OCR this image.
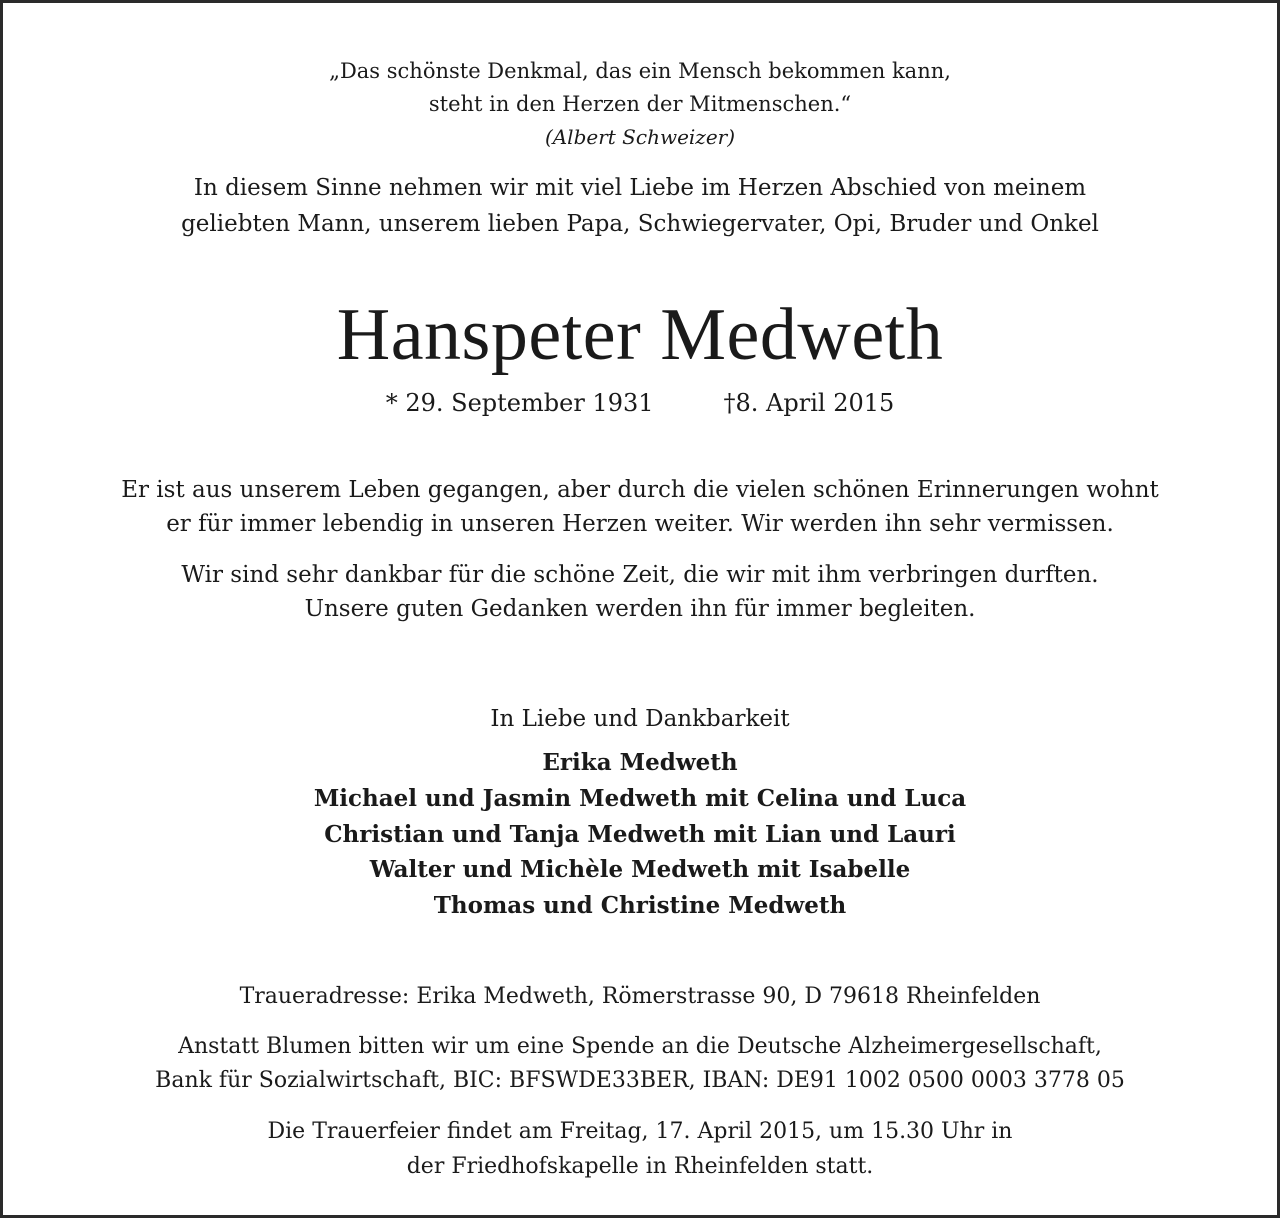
„Das schönste Denkmal, das ein Mensch bekommen kann,
steht in den Herzen der Mitmenschen.“
(Albert Schweizer)
In diesem Sinne nehmen wir mit viel Liebe im Herzen Abschied von meinem
geliebten Mann, unserem lieben Papa, Schwiegervater, Opi, Bruder und Onkel
Hanspeter Medweth
* 29. September 1931	†8. April 2015
Er ist aus unserem Leben gegangen, aber durch die vielen schönen Erinnerungen wohnt
er für immer lebendig in unseren Herzen weiter. Wir werden ihn sehr vermissen.
Wir sind sehr dankbar für die schöne Zeit, die wir mit ihm verbringen durften.
Unsere guten Gedanken werden ihn für immer begleiten.
In Liebe und Dankbarkeit
Erika Medweth
Michael und Jasmin Medweth mit Celina und Luca
Christian und Tanja Medweth mit Lian und Lauri
Walter und Michèle Medweth mit Isabelle
Thomas und Christine Medweth
Traueradresse: Erika Medweth, Römerstrasse 90, D 79618 Rheinfelden
Anstatt Blumen bitten wir um eine Spende an die Deutsche Alzheimergesellschaft,
Bank für Sozialwirtschaft, BIC: BFSWDE33BER, IBAN: DE91 1002 0500 0003 3778 05
Die Trauerfeier findet am Freitag, 17. April 2015, um 15.30 Uhr in
der Friedhofskapelle in Rheinfelden statt.
